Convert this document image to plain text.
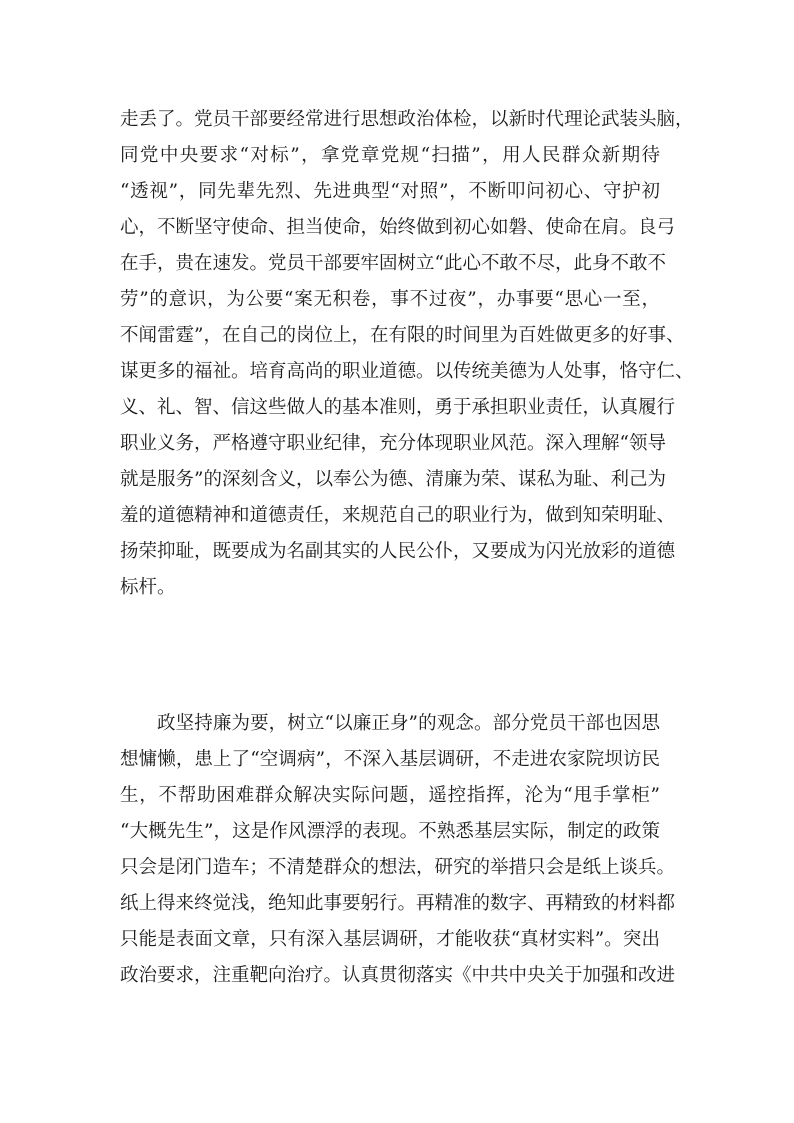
走丢了。党员干部要经常进行思想政治体检，以新时代理论武装头脑，
同党中央要求“对标”，拿党章党规“扫描”，用人民群众新期待
“透视”，同先辈先烈、先进典型“对照”，不断叩问初心、守护初
心，不断坚守使命、担当使命，始终做到初心如磐、使命在肩。良弓
在手，贵在速发。党员干部要牢固树立“此心不敢不尽，此身不敢不
劳”的意识，为公要“案无积卷，事不过夜”，办事要“思心一至，
不闻雷霆”，在自己的岗位上，在有限的时间里为百姓做更多的好事、
谋更多的福祉。培育高尚的职业道德。以传统美德为人处事，恪守仁、
义、礼、智、信这些做人的基本准则，勇于承担职业责任，认真履行
职业义务，严格遵守职业纪律，充分体现职业风范。深入理解“领导
就是服务”的深刻含义，以奉公为德、清廉为荣、谋私为耻、利己为
羞的道德精神和道德责任，来规范自己的职业行为，做到知荣明耻、
扬荣抑耻，既要成为名副其实的人民公仆，又要成为闪光放彩的道德
标杆。
政坚持廉为要，树立“以廉正身”的观念。部分党员干部也因思
想慵懒，患上了“空调病”，不深入基层调研，不走进农家院坝访民
生，不帮助困难群众解决实际问题，遥控指挥，沦为“甩手掌柜”
“大概先生”，这是作风漂浮的表现。不熟悉基层实际，制定的政策
只会是闭门造车；不清楚群众的想法，研究的举措只会是纸上谈兵。
纸上得来终觉浅，绝知此事要躬行。再精准的数字、再精致的材料都
只能是表面文章，只有深入基层调研，才能收获“真材实料”。突出
政治要求，注重靶向治疗。认真贯彻落实《中共中央关于加强和改进
